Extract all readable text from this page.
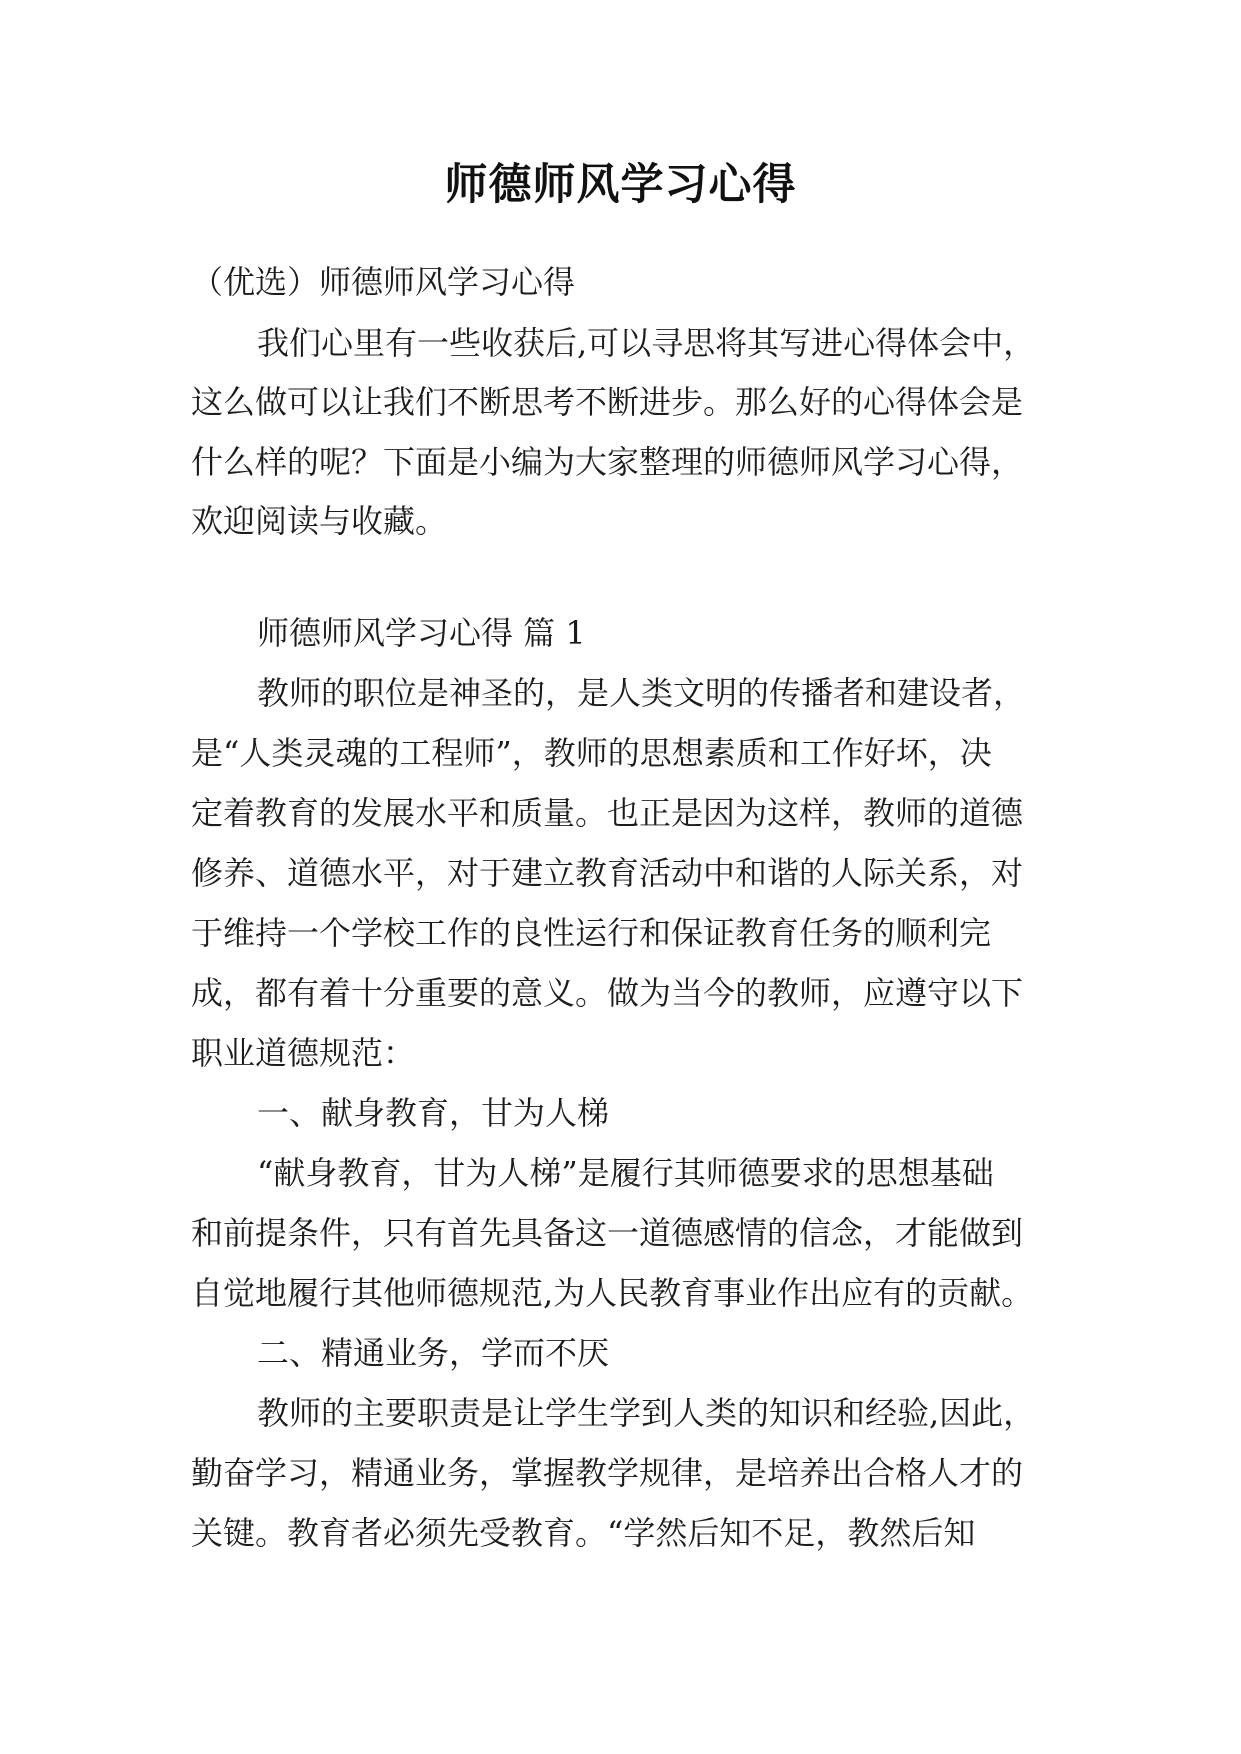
师德师风学习心得
（优选）师德师风学习心得
我们心里有一些收获后,可以寻思将其写进心得体会中，
这么做可以让我们不断思考不断进步。那么好的心得体会是
什么样的呢？下面是小编为大家整理的师德师风学习心得，
欢迎阅读与收藏。
师德师风学习心得 篇 1
教师的职位是神圣的，是人类文明的传播者和建设者，
是“人类灵魂的工程师”，教师的思想素质和工作好坏，决
定着教育的发展水平和质量。也正是因为这样，教师的道德
修养、道德水平，对于建立教育活动中和谐的人际关系，对
于维持一个学校工作的良性运行和保证教育任务的顺利完
成，都有着十分重要的意义。做为当今的教师，应遵守以下
职业道德规范：
一、献身教育，甘为人梯
“献身教育，甘为人梯”是履行其师德要求的思想基础
和前提条件，只有首先具备这一道德感情的信念，才能做到
自觉地履行其他师德规范,为人民教育事业作出应有的贡献。
二、精通业务，学而不厌
教师的主要职责是让学生学到人类的知识和经验,因此，
勤奋学习，精通业务，掌握教学规律，是培养出合格人才的
关键。教育者必须先受教育。“学然后知不足，教然后知
